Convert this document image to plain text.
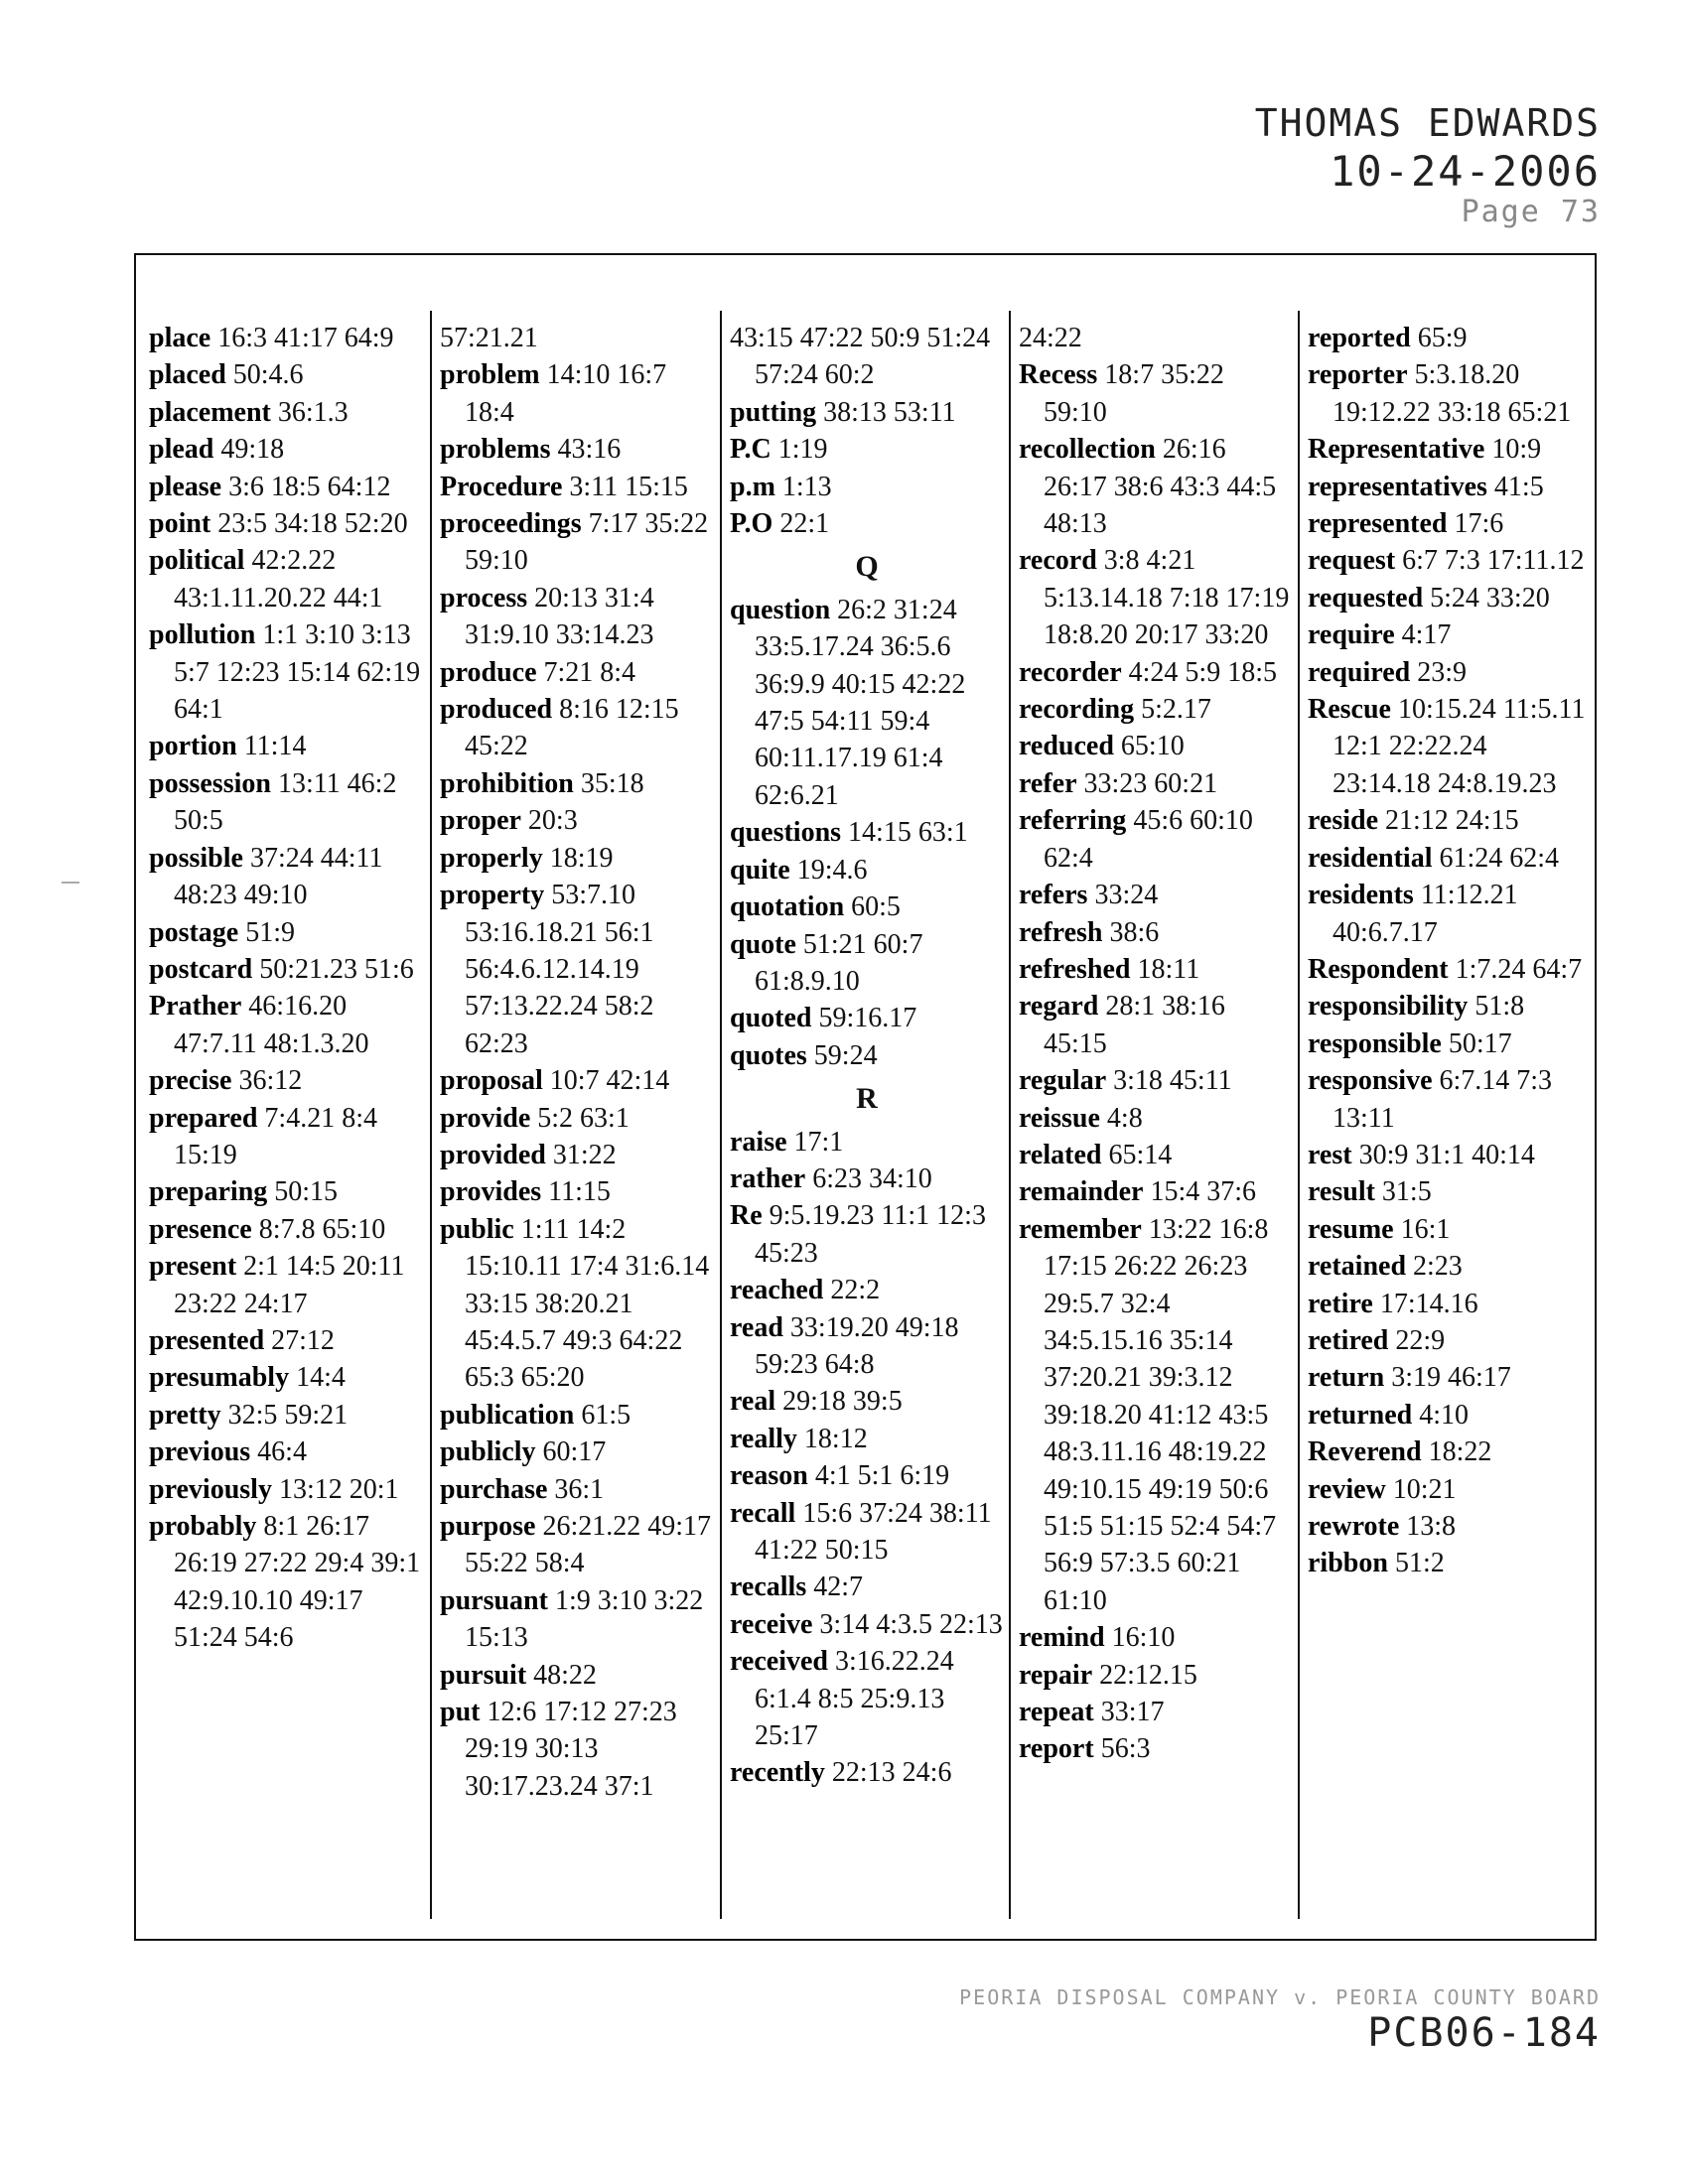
THOMAS EDWARDS
10-24-2006
Page 73
place 16:3 41:17 64:9
placed 50:4.6
placement 36:1.3
plead 49:18
please 3:6 18:5 64:12
point 23:5 34:18 52:20
political 42:2.22 43:1.11.20.22 44:1
pollution 1:1 3:10 3:13 5:7 12:23 15:14 62:19 64:1
portion 11:14
possession 13:11 46:2 50:5
possible 37:24 44:11 48:23 49:10
postage 51:9
postcard 50:21.23 51:6
Prather 46:16.20 47:7.11 48:1.3.20
precise 36:12
prepared 7:4.21 8:4 15:19
preparing 50:15
presence 8:7.8 65:10
present 2:1 14:5 20:11 23:22 24:17
presented 27:12
presumably 14:4
pretty 32:5 59:21
previous 46:4
previously 13:12 20:1
probably 8:1 26:17 26:19 27:22 29:4 39:1 42:9.10.10 49:17 51:24 54:6
57:21.21
problem 14:10 16:7 18:4
problems 43:16
Procedure 3:11 15:15
proceedings 7:17 35:22 59:10
process 20:13 31:4 31:9.10 33:14.23
produce 7:21 8:4
produced 8:16 12:15 45:22
prohibition 35:18
proper 20:3
properly 18:19
property 53:7.10 53:16.18.21 56:1 56:4.6.12.14.19 57:13.22.24 58:2 62:23
proposal 10:7 42:14
provide 5:2 63:1
provided 31:22
provides 11:15
public 1:11 14:2 15:10.11 17:4 31:6.14 33:15 38:20.21 45:4.5.7 49:3 64:22 65:3 65:20
publication 61:5
publicly 60:17
purchase 36:1
purpose 26:21.22 49:17 55:22 58:4
pursuant 1:9 3:10 3:22 15:13
pursuit 48:22
put 12:6 17:12 27:23 29:19 30:13 30:17.23.24 37:1
43:15 47:22 50:9 51:24 57:24 60:2
putting 38:13 53:11
P.C 1:19
p.m 1:13
P.O 22:1
Q
question 26:2 31:24 33:5.17.24 36:5.6 36:9.9 40:15 42:22 47:5 54:11 59:4 60:11.17.19 61:4 62:6.21
questions 14:15 63:1
quite 19:4.6
quotation 60:5
quote 51:21 60:7 61:8.9.10
quoted 59:16.17
quotes 59:24
R
raise 17:1
rather 6:23 34:10
Re 9:5.19.23 11:1 12:3 45:23
reached 22:2
read 33:19.20 49:18 59:23 64:8
real 29:18 39:5
really 18:12
reason 4:1 5:1 6:19
recall 15:6 37:24 38:11 41:22 50:15
recalls 42:7
receive 3:14 4:3.5 22:13
received 3:16.22.24 6:1.4 8:5 25:9.13 25:17
recently 22:13 24:6
24:22
Recess 18:7 35:22 59:10
recollection 26:16 26:17 38:6 43:3 44:5 48:13
record 3:8 4:21 5:13.14.18 7:18 17:19 18:8.20 20:17 33:20
recorder 4:24 5:9 18:5
recording 5:2.17
reduced 65:10
refer 33:23 60:21
referring 45:6 60:10 62:4
refers 33:24
refresh 38:6
refreshed 18:11
regard 28:1 38:16 45:15
regular 3:18 45:11
reissue 4:8
related 65:14
remainder 15:4 37:6
remember 13:22 16:8 17:15 26:22 26:23 29:5.7 32:4 34:5.15.16 35:14 37:20.21 39:3.12 39:18.20 41:12 43:5 48:3.11.16 48:19.22 49:10.15 49:19 50:6 51:5 51:15 52:4 54:7 56:9 57:3.5 60:21 61:10
remind 16:10
repair 22:12.15
repeat 33:17
report 56:3
reported 65:9
reporter 5:3.18.20 19:12.22 33:18 65:21
Representative 10:9
representatives 41:5
represented 17:6
request 6:7 7:3 17:11.12
requested 5:24 33:20
require 4:17
required 23:9
Rescue 10:15.24 11:5.11 12:1 22:22.24 23:14.18 24:8.19.23
reside 21:12 24:15
residential 61:24 62:4
residents 11:12.21 40:6.7.17
Respondent 1:7.24 64:7
responsibility 51:8
responsible 50:17
responsive 6:7.14 7:3 13:11
rest 30:9 31:1 40:14
result 31:5
resume 16:1
retained 2:23
retire 17:14.16
retired 22:9
return 3:19 46:17
returned 4:10
Reverend 18:22
review 10:21
rewrote 13:8
ribbon 51:2
PEORIA DISPOSAL COMPANY v. PEORIA COUNTY BOARD
PCB06-184
